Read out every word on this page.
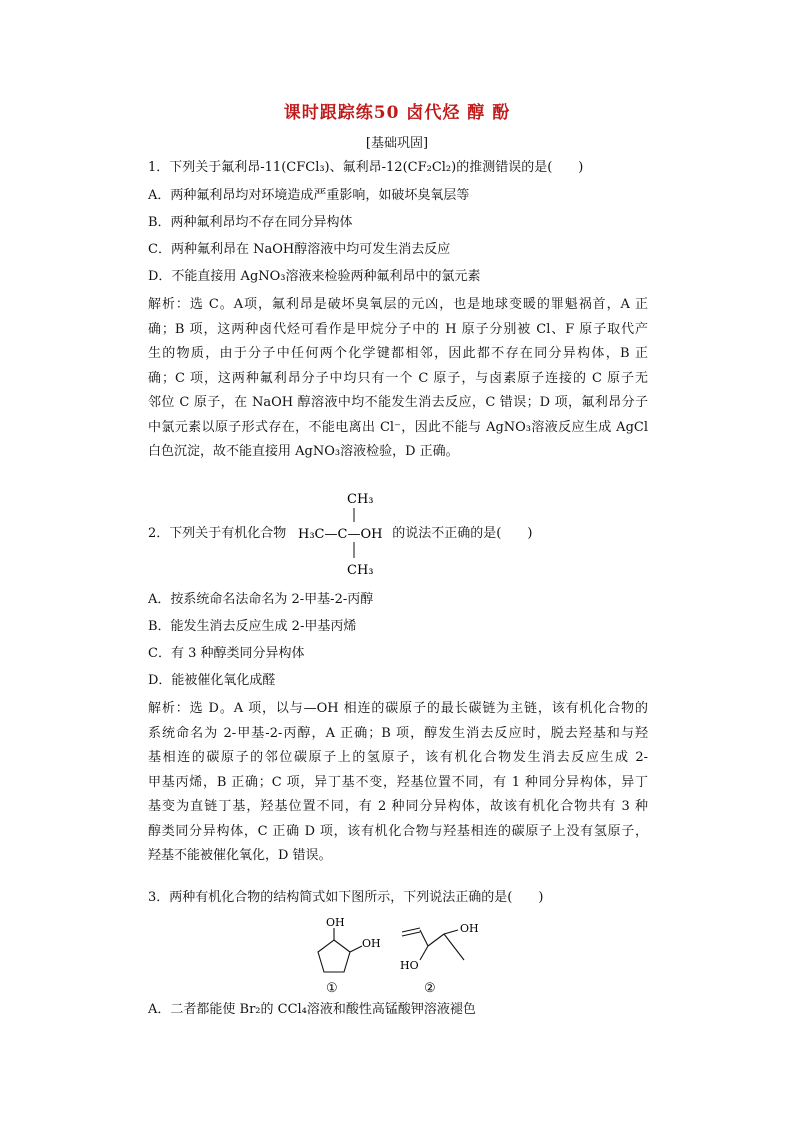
课时跟踪练50 卤代烃 醇 酚
[基础巩固]
1．下列关于氟利昂-11(CFCl₃)、氟利昂-12(CF₂Cl₂)的推测错误的是(　　)
A．两种氟利昂均对环境造成严重影响，如破坏臭氧层等
B．两种氟利昂均不存在同分异构体
C．两种氟利昂在 NaOH醇溶液中均可发生消去反应
D．不能直接用 AgNO₃溶液来检验两种氟利昂中的氯元素
解析：选 C。A项，氟利昂是破坏臭氧层的元凶，也是地球变暖的罪魁祸首，A 正
确；B 项，这两种卤代烃可看作是甲烷分子中的 H 原子分别被 Cl、F 原子取代产
生的物质，由于分子中任何两个化学键都相邻，因此都不存在同分异构体，B 正
确；C 项，这两种氟利昂分子中均只有一个 C 原子，与卤素原子连接的 C 原子无
邻位 C 原子，在 NaOH 醇溶液中均不能发生消去反应，C 错误；D 项，氟利昂分子
中氯元素以原子形式存在，不能电离出 Cl⁻，因此不能与 AgNO₃溶液反应生成 AgCl
白色沉淀，故不能直接用 AgNO₃溶液检验，D 正确。
2．下列关于有机化合物	的说法不正确的是(　　)
CH₃
H₃C—C—OH
CH₃
A．按系统命名法命名为 2-甲基-2-丙醇
B．能发生消去反应生成 2-甲基丙烯
C．有 3 种醇类同分异构体
D．能被催化氧化成醛
解析：选 D。A 项，以与—OH 相连的碳原子的最长碳链为主链，该有机化合物的
系统命名为 2-甲基-2-丙醇，A 正确；B 项，醇发生消去反应时，脱去羟基和与羟
基相连的碳原子的邻位碳原子上的氢原子，该有机化合物发生消去反应生成 2-
甲基丙烯，B 正确；C 项，异丁基不变，羟基位置不同，有 1 种同分异构体，异丁
基变为直链丁基，羟基位置不同，有 2 种同分异构体，故该有机化合物共有 3 种
醇类同分异构体，C 正确 D 项，该有机化合物与羟基相连的碳原子上没有氢原子，
羟基不能被催化氧化，D 错误。
3．两种有机化合物的结构简式如下图所示，下列说法正确的是(　　)
OH
OH
①
OH
HO
②
A．二者都能使 Br₂的 CCl₄溶液和酸性高锰酸钾溶液褪色
